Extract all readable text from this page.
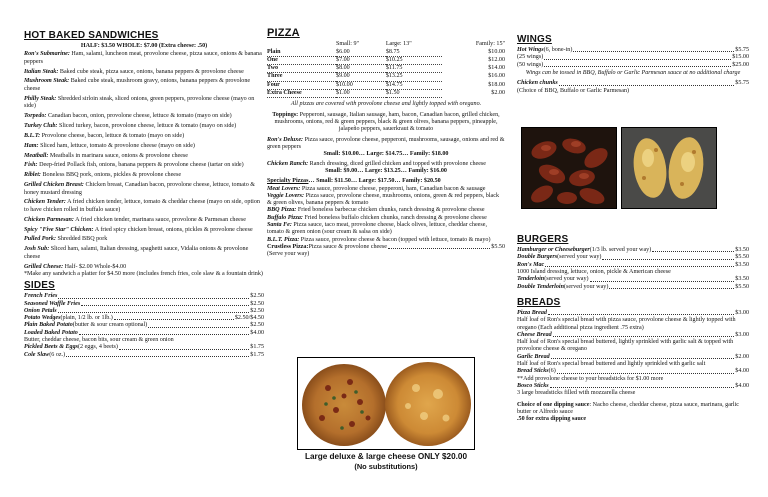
HOT BAKED SANDWICHES
HALF: $3.50 WHOLE: $7.00 (Extra cheese: .50)
Ron's Submarine: Ham, salami, luncheon meat, provolone cheese, pizza sauce, onions & banana peppers
Italian Steak: Baked cube steak, pizza sauce, onions, banana peppers & provolone cheese
Mushroom Steak: Baked cube steak, mushroom gravy, onions, banana peppers & provolone cheese
Philly Steak: Shredded sirloin steak, sliced onions, green peppers, provolone cheese (mayo on side)
Torpedo: Canadian bacon, onion, provolone cheese, lettuce & tomato (mayo on side)
Turkey Club: Sliced turkey, bacon, provolone cheese, lettuce & tomato (mayo on side)
B.L.T: Provolone cheese, bacon, lettuce & tomato (mayo on side)
Ham: Sliced ham, lettuce, tomato & provolone cheese (mayo on side)
Meatball: Meatballs in marinara sauce, onions & provolone cheese
Fish: Deep-fried Pollack fish, onions, banana peppers & provolone cheese (tartar on side)
Riblet: Boneless BBQ pork, onions, pickles & provolone cheese
Grilled Chicken Breast: Chicken breast, Canadian bacon, provolone cheese, lettuce, tomato & honey mustard dressing
Chicken Tender: A fried chicken tender, lettuce, tomato & cheddar cheese (mayo on side, option to have chicken rolled in buffalo sauce)
Chicken Parmesan: A fried chicken tender, marinara sauce, provolone & Parmesan cheese
Spicy "Five Star" Chicken: A fried spicy chicken breast, onions, pickles & provolone cheese
Pulled Pork: Shredded BBQ pork
Josh Sub: Sliced ham, salami, Italian dressing, spaghetti sauce, Vidalia onions & provolone cheese
Grilled Cheese: Half- $2.00 Whole-$4.00
*Make any sandwich a platter for $4.50 more (includes french fries, cole slaw & a fountain drink)
SIDES
French Fries	$2.50
Seasoned Waffle Fries	$2.50
Onion Petals	$2.50
Potato Wedges (plain, 1/2 lb. or 1lb.)	$2.50/$4.50
Plain Baked Potato (butter & sour cream optional)	$2.50
Loaded Baked Potato	$4.00
Butter, cheddar cheese, bacon bits, sour cream & green onion
Pickled Beets & Eggs (2 eggs, 4 beets)	$1.75
Cole Slaw (6 oz.)	$1.75
PIZZA
	Small: 9"	Large: 13"	Family: 15"
Plain	$6.00	$8.75	$10.00
One	$7.00	$10.25	$12.00
Two	$8.00	$11.75	$14.00
Three	$9.00	$13.25	$16.00
Four	$10.00	$14.75	$18.00
Extra Cheese	$1.00	$1.50	$2.00
All pizzas are covered with provolone cheese and lightly topped with oregano.
Toppings: Pepperoni, sausage, Italian sausage, ham, bacon, Canadian bacon, grilled chicken, mushrooms, onions, red & green peppers, black & green olives, banana peppers, pineapple, jalapeño peppers, sauerkraut & tomato
Ron's Deluxe: Pizza sauce, provolone cheese, pepperoni, mushrooms, sausage, onions and red & green peppers
Small: $10.00… Large: $14.75… Family: $18.00
Chicken Ranch: Ranch dressing, diced grilled chicken and topped with provolone cheese
Small: $9.00… Large: $13.25… Family: $16.00
Specialty Pizzas… Small: $11.50… Large: $17.50… Family: $20.50
Meat Lovers: Pizza sauce, provolone cheese, pepperoni, ham, Canadian bacon & sausage
Veggie Lovers: Pizza sauce, provolone cheese, mushrooms, onions, green & red peppers, black & green olives, banana peppers & tomato
BBQ Pizza: Fried boneless barbecue chicken chunks, ranch dressing & provolone cheese
Buffalo Pizza: Fried boneless buffalo chicken chunks, ranch dressing & provolone cheese
Santa Fe: Pizza sauce, taco meat, provolone cheese, black olives, lettuce, cheddar cheese, tomato & green onion (sour cream & salsa on side)
B.L.T. Pizza: Pizza sauce, provolone cheese & bacon (topped with lettuce, tomato & mayo)
Crustless Pizza: Pizza sauce & provolone cheese	$5.50
(Serve your way)
Large deluxe & large cheese ONLY $20.00
(No substitutions)
WINGS
Hot Wings (6, bone-in)	$5.75
(25 wings)	$15.00
(50 wings)	$25.00
Wings can be tossed in BBQ, Buffalo or Garlic Parmesan sauce at no additional charge
Chicken chunks	$5.75
(Choice of BBQ, Buffalo or Garlic Parmesan)
BURGERS
Hamburger or Cheeseburger (1/3 lb. served your way)	$3.50
Double Burgers (served your way)	$5.50
Ron's Mac	$3.50
1000 Island dressing, lettuce, onion, pickle & American cheese
Tenderloin (served your way)	$3.50
Double Tenderloin (served your way)	$5.50
BREADS
Pizza Bread	$3.00
Half loaf of Ron's special bread with pizza sauce, provolone cheese & lightly topped with oregano (Each additional pizza ingredient .75 extra)
Cheese Bread	$3.00
Half loaf of Ron's special bread buttered, lightly sprinkled with garlic salt & topped with provolone cheese & oregano
Garlic Bread	$2.00
Half loaf of Ron's special bread buttered and lightly sprinkled with garlic salt
Bread Sticks (6)	$4.00
**Add provolone cheese to your breadsticks for $1.00 more
Bosco Sticks	$4.00
3 large breadsticks filled with mozzarella cheese
Choice of one dipping sauce: Nacho cheese, cheddar cheese, pizza sauce, marinara, garlic butter or Alfredo sauce
.50 for extra dipping sauce
